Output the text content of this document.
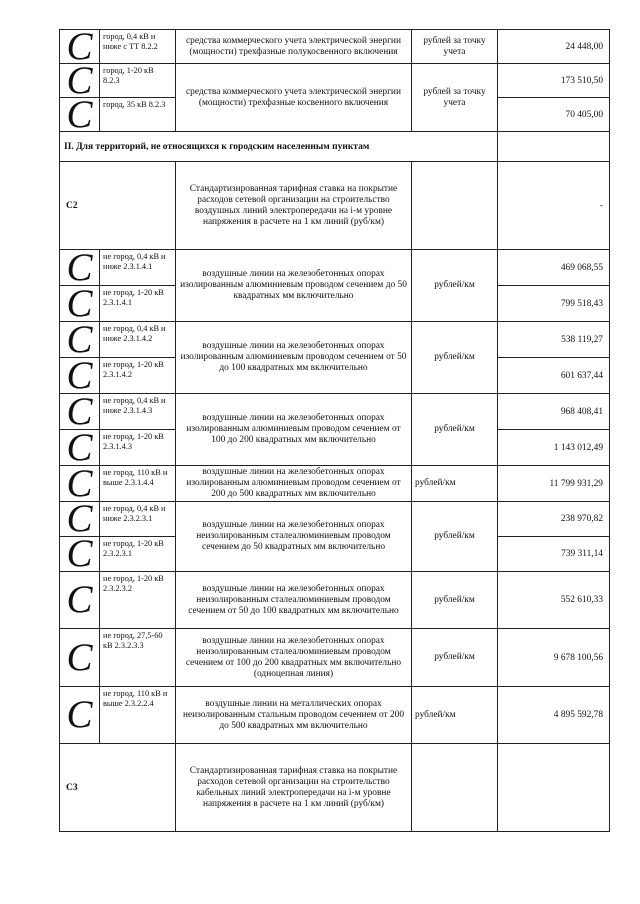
C	город, 0,4 кВ и ниже с ТТ 8.2.2	средства коммерческого учета электрической энергии (мощности) трехфазные полукосвенного включения	рублей за точку учета	24 448,00

C	город, 1-20 кВ 8.2.3	средства коммерческого учета электрической энергии (мощности) трехфазные косвенного включения	рублей за точку учета	173 510,50

C	город, 35 кВ 8.2.3			70 405,00
II. Для территорий, не относящихся к городским населенным пунктам				
C2		Стандартизированная тарифная ставка на покрытие расходов сетевой организации на строительство воздушных линий электропередачи на i-м уровне напряжения в расчете на 1 км линий (руб/км)		-

C	не город, 0,4 кВ и ниже 2.3.1.4.1	воздушные линии на железобетонных опорах изолированным алюминиевым проводом сечением до 50 квадратных мм включительно	рублей/км	469 068,55

C	не город, 1-20 кВ 2.3.1.4.1			799 518,43

C	не город, 0,4 кВ и ниже 2.3.1.4.2	воздушные линии на железобетонных опорах изолированным алюминиевым проводом сечением от 50 до 100 квадратных мм включительно	рублей/км	538 119,27

C	не город, 1-20 кВ 2.3.1.4.2			601 637,44

C	не город, 0,4 кВ и ниже 2.3.1.4.3	воздушные линии на железобетонных опорах изолированным алюминиевым проводом сечением от 100 до 200 квадратных мм включительно	рублей/км	968 408,41

C	не город, 1-20 кВ 2.3.1.4.3			1 143 012,49

C	не город, 110 кВ и выше 2.3.1.4.4	воздушные линии на железобетонных опорах изолированным алюминиевым проводом сечением от 200 до 500 квадратных мм включительно	рублей/км	11 799 931,29

C	не город, 0,4 кВ и ниже 2.3.2.3.1	воздушные линии на железобетонных опорах неизолированным сталеалюминиевым проводом сечением до 50 квадратных мм включительно	рублей/км	238 970,82

C	не город, 1-20 кВ 2.3.2.3.1			739 311,14

C	не город, 1-20 кВ 2.3.2.3.2	воздушные линии на железобетонных опорах неизолированным сталеалюминиевым проводом сечением от 50 до 100 квадратных мм включительно	рублей/км	552 610,33

C	не город, 27,5-60 кВ 2.3.2.3.3	воздушные линии на железобетонных опорах неизолированным сталеалюминиевым проводом сечением от 100 до 200 квадратных мм включительно (одноцепная линия)	рублей/км	9 678 100,56

C	не город, 110 кВ и выше 2.3.2.2.4	воздушные линии на металлических опорах неизолированным стальным проводом сечением от 200 до 500 квадратных мм включительно	рублей/км	4 895 592,78
C3		Стандартизированная тарифная ставка на покрытие расходов сетевой организации на строительство кабельных линий электропередачи на i-м уровне напряжения в расчете на 1 км линий (руб/км)		
